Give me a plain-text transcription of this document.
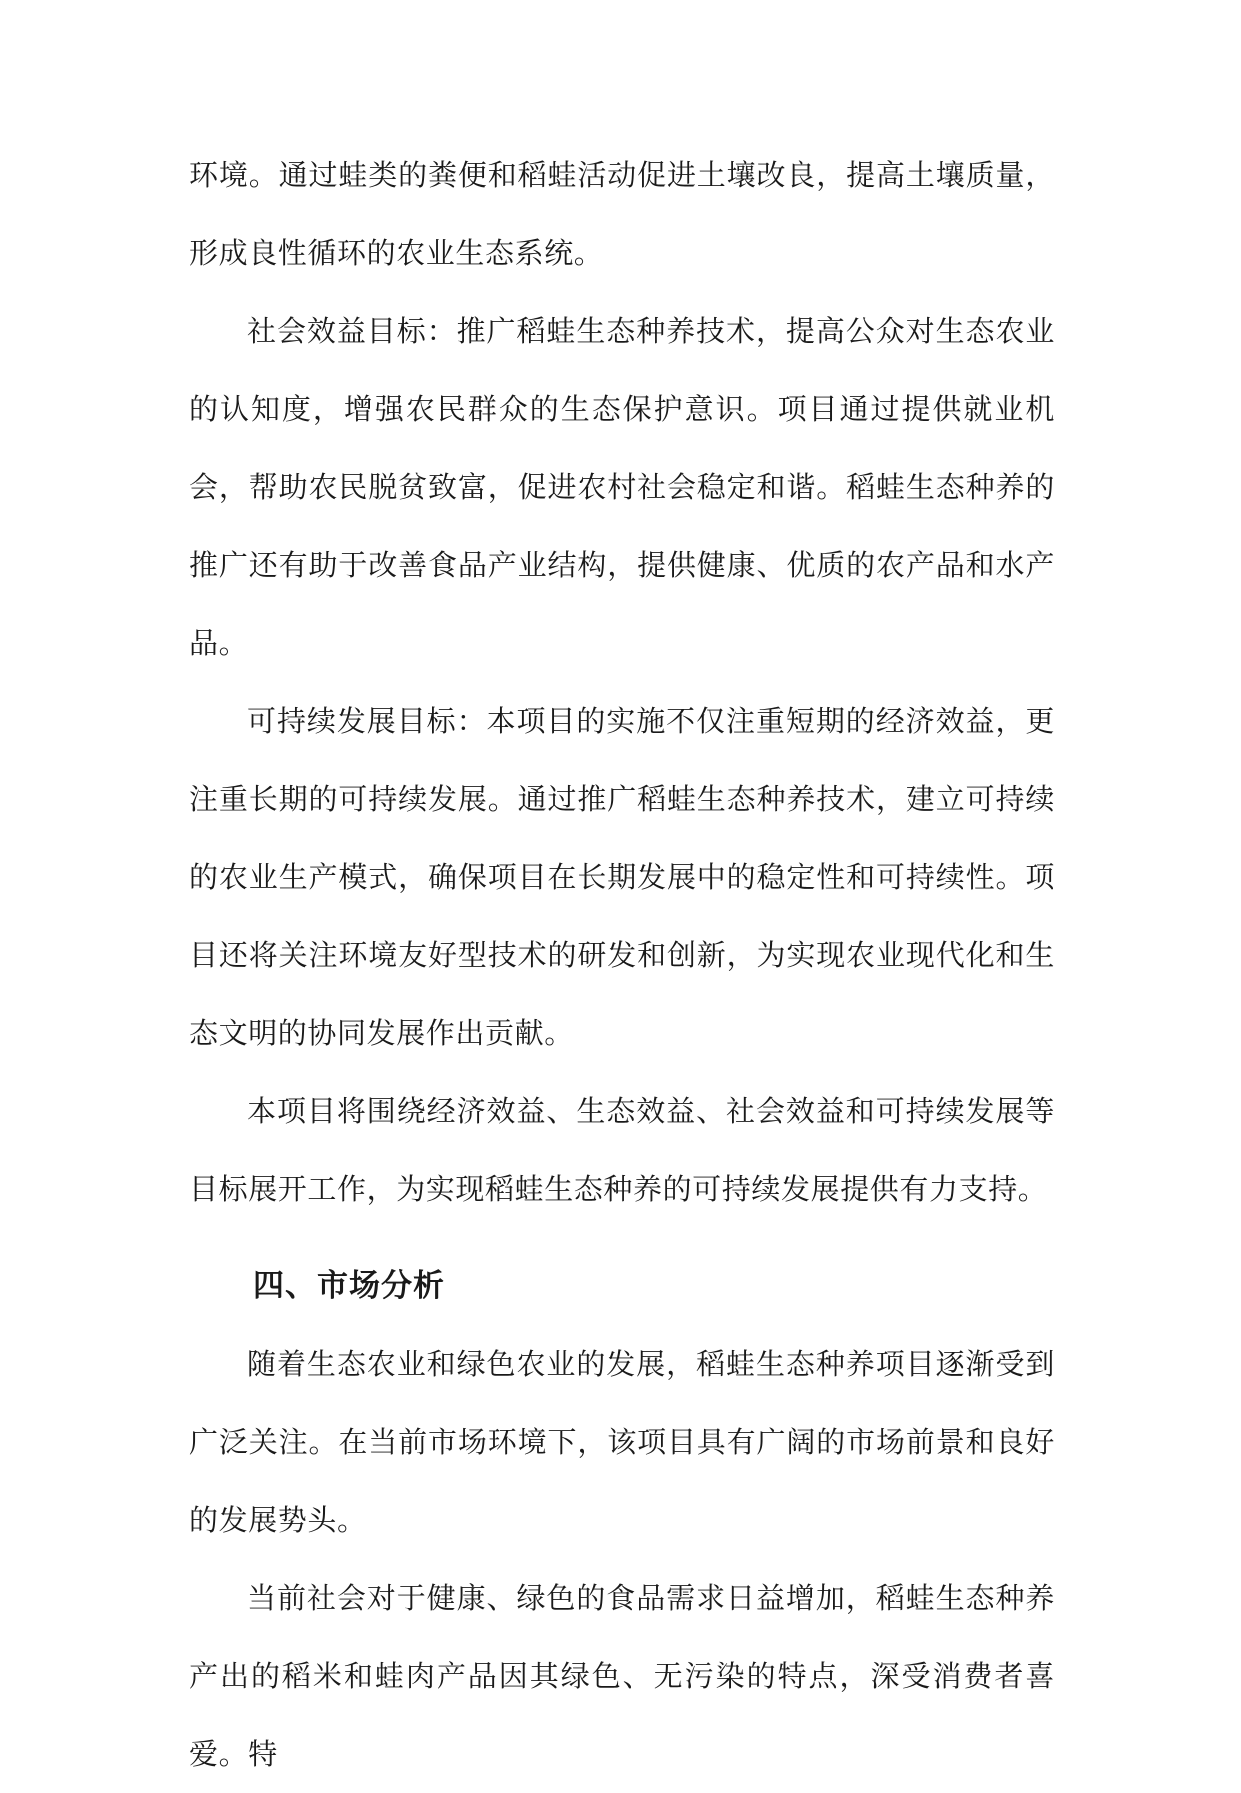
环境。通过蛙类的粪便和稻蛙活动促进土壤改良，提高土壤质量，形成良性循环的农业生态系统。

社会效益目标：推广稻蛙生态种养技术，提高公众对生态农业的认知度，增强农民群众的生态保护意识。项目通过提供就业机会，帮助农民脱贫致富，促进农村社会稳定和谐。稻蛙生态种养的推广还有助于改善食品产业结构，提供健康、优质的农产品和水产品。

可持续发展目标：本项目的实施不仅注重短期的经济效益，更注重长期的可持续发展。通过推广稻蛙生态种养技术，建立可持续的农业生产模式，确保项目在长期发展中的稳定性和可持续性。项目还将关注环境友好型技术的研发和创新，为实现农业现代化和生态文明的协同发展作出贡献。

本项目将围绕经济效益、生态效益、社会效益和可持续发展等目标展开工作，为实现稻蛙生态种养的可持续发展提供有力支持。

四、市场分析

随着生态农业和绿色农业的发展，稻蛙生态种养项目逐渐受到广泛关注。在当前市场环境下，该项目具有广阔的市场前景和良好的发展势头。

当前社会对于健康、绿色的食品需求日益增加，稻蛙生态种养产出的稻米和蛙肉产品因其绿色、无污染的特点，深受消费者喜爱。特
